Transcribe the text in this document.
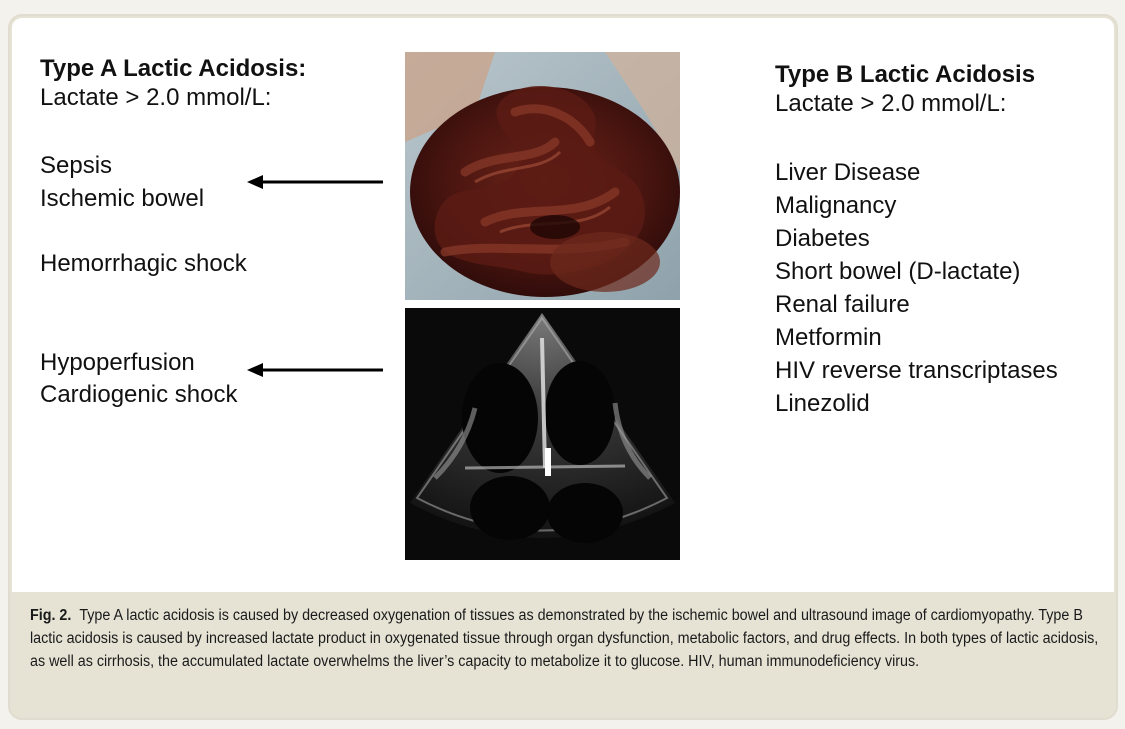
Type A Lactic Acidosis:
Lactate > 2.0 mmol/L:
Sepsis
Ischemic bowel
Hemorrhagic shock
Hypoperfusion
Cardiogenic shock
Type B Lactic Acidosis
Lactate > 2.0 mmol/L:
Liver Disease
Malignancy
Diabetes
Short bowel (D-lactate)
Renal failure
Metformin
HIV reverse transcriptases
Linezolid
Fig. 2. Type A lactic acidosis is caused by decreased oxygenation of tissues as demonstrated by the ischemic bowel and ultrasound image of cardiomyopathy. Type B lactic acidosis is caused by increased lactate product in oxygenated tissue through organ dysfunction, metabolic factors, and drug effects. In both types of lactic acidosis, as well as cirrhosis, the accumulated lactate overwhelms the liver’s capacity to metabolize it to glucose. HIV, human immunodeficiency virus.
